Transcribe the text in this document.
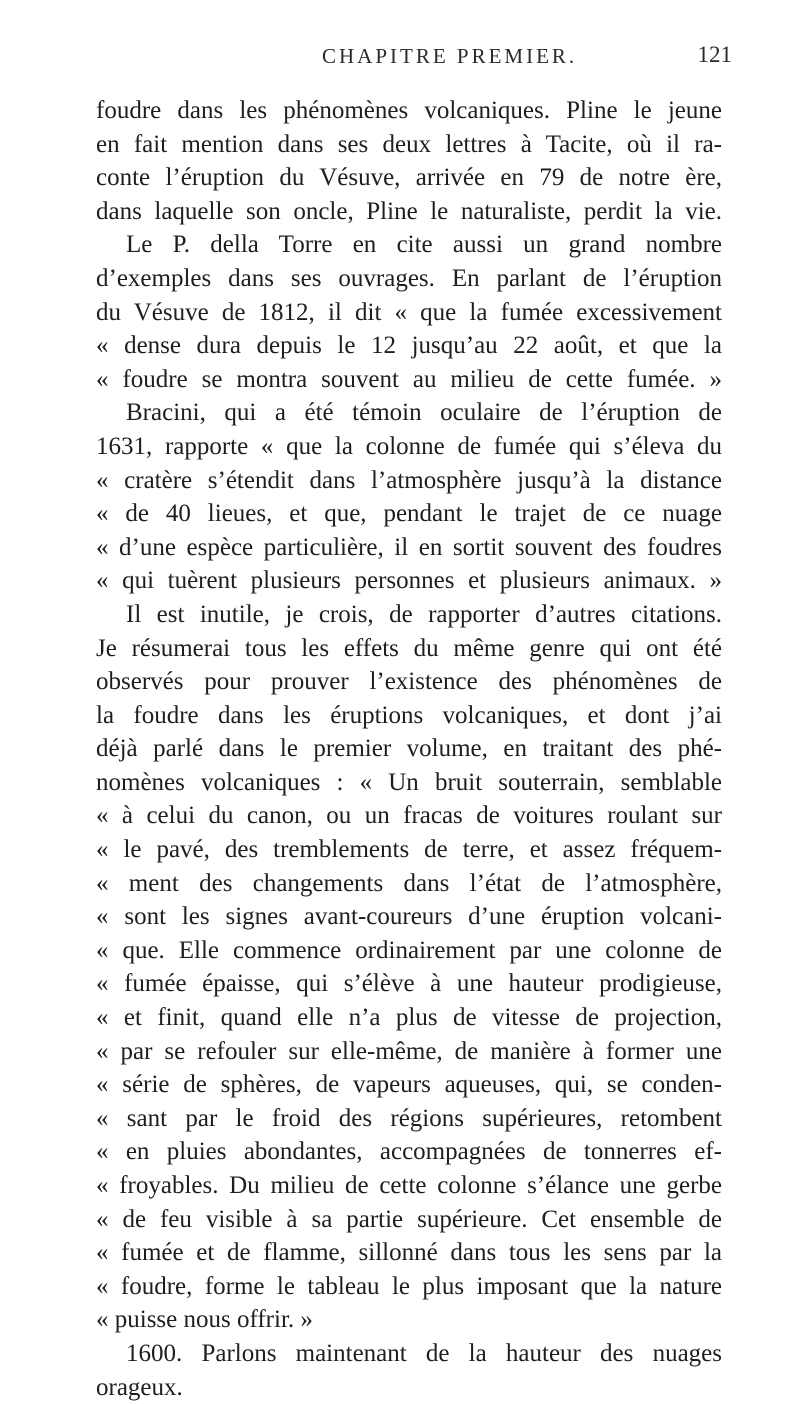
CHAPITRE PREMIER.	121
foudre dans les phénomènes volcaniques. Pline le jeune
en fait mention dans ses deux lettres à Tacite, où il ra-
conte l’éruption du Vésuve, arrivée en 79 de notre ère,
dans laquelle son oncle, Pline le naturaliste, perdit la vie.
Le P. della Torre en cite aussi un grand nombre
d’exemples dans ses ouvrages. En parlant de l’éruption
du Vésuve de 1812, il dit « que la fumée excessivement
« dense dura depuis le 12 jusqu’au 22 août, et que la
« foudre se montra souvent au milieu de cette fumée. »
Bracini, qui a été témoin oculaire de l’éruption de
1631, rapporte « que la colonne de fumée qui s’éleva du
« cratère s’étendit dans l’atmosphère jusqu’à la distance
« de 40 lieues, et que, pendant le trajet de ce nuage
« d’une espèce particulière, il en sortit souvent des foudres
« qui tuèrent plusieurs personnes et plusieurs animaux. »
Il est inutile, je crois, de rapporter d’autres citations.
Je résumerai tous les effets du même genre qui ont été
observés pour prouver l’existence des phénomènes de
la foudre dans les éruptions volcaniques, et dont j’ai
déjà parlé dans le premier volume, en traitant des phé-
nomènes volcaniques : « Un bruit souterrain, semblable
« à celui du canon, ou un fracas de voitures roulant sur
« le pavé, des tremblements de terre, et assez fréquem-
« ment des changements dans l’état de l’atmosphère,
« sont les signes avant-coureurs d’une éruption volcani-
« que. Elle commence ordinairement par une colonne de
« fumée épaisse, qui s’élève à une hauteur prodigieuse,
« et finit, quand elle n’a plus de vitesse de projection,
« par se refouler sur elle-même, de manière à former une
« série de sphères, de vapeurs aqueuses, qui, se conden-
« sant par le froid des régions supérieures, retombent
« en pluies abondantes, accompagnées de tonnerres ef-
« froyables. Du milieu de cette colonne s’élance une gerbe
« de feu visible à sa partie supérieure. Cet ensemble de
« fumée et de flamme, sillonné dans tous les sens par la
« foudre, forme le tableau le plus imposant que la nature
« puisse nous offrir. »
1600. Parlons maintenant de la hauteur des nuages
orageux.
